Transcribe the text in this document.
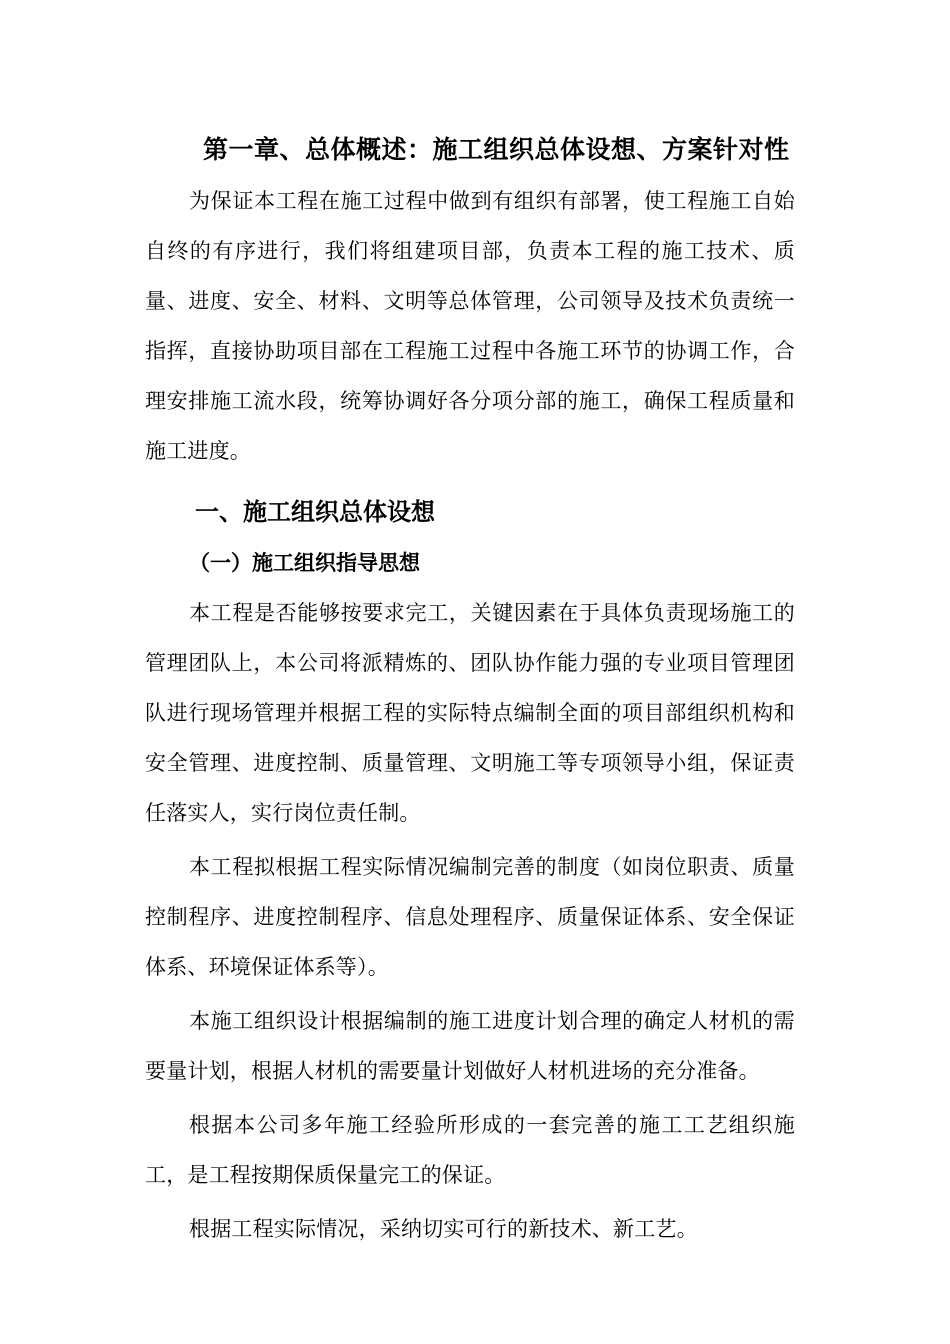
第一章、总体概述：施工组织总体设想、方案针对性

为保证本工程在施工过程中做到有组织有部署，使工程施工自始自终的有序进行，我们将组建项目部，负责本工程的施工技术、质量、进度、安全、材料、文明等总体管理，公司领导及技术负责统一指挥，直接协助项目部在工程施工过程中各施工环节的协调工作，合理安排施工流水段，统筹协调好各分项分部的施工，确保工程质量和施工进度。

一、施工组织总体设想
（一）施工组织指导思想

本工程是否能够按要求完工，关键因素在于具体负责现场施工的管理团队上，本公司将派精炼的、团队协作能力强的专业项目管理团队进行现场管理并根据工程的实际特点编制全面的项目部组织机构和安全管理、进度控制、质量管理、文明施工等专项领导小组，保证责任落实人，实行岗位责任制。

本工程拟根据工程实际情况编制完善的制度（如岗位职责、质量控制程序、进度控制程序、信息处理程序、质量保证体系、安全保证体系、环境保证体系等）。

本施工组织设计根据编制的施工进度计划合理的确定人材机的需要量计划，根据人材机的需要量计划做好人材机进场的充分准备。

根据本公司多年施工经验所形成的一套完善的施工工艺组织施工，是工程按期保质保量完工的保证。

根据工程实际情况，采纳切实可行的新技术、新工艺。
